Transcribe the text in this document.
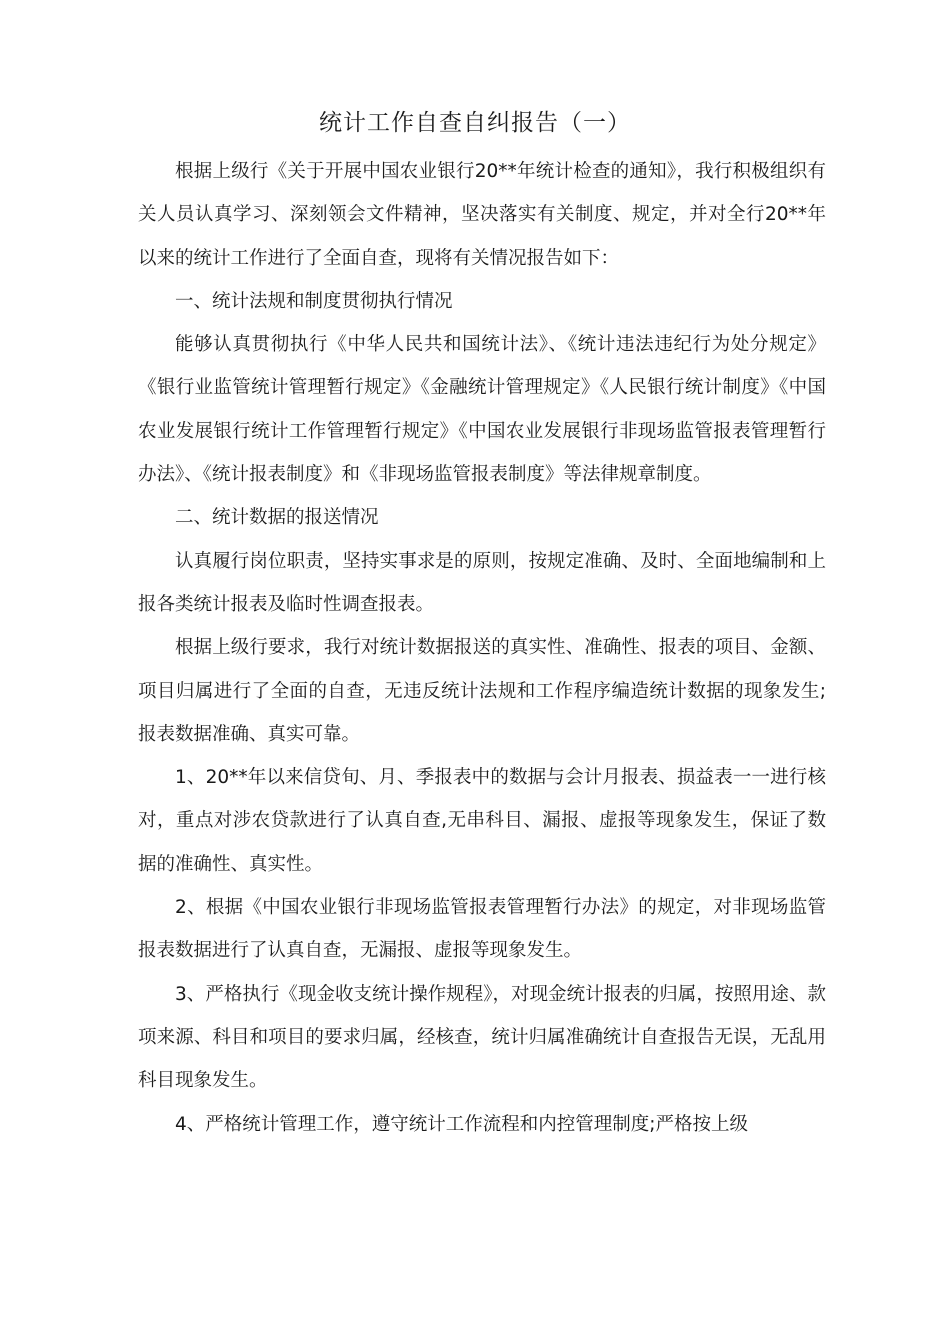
统计工作自查自纠报告（一）

根据上级行《关于开展中国农业银行20**年统计检查的通知》，我行积极组织有关人员认真学习、深刻领会文件精神，坚决落实有关制度、规定，并对全行20**年以来的统计工作进行了全面自查，现将有关情况报告如下：

一、统计法规和制度贯彻执行情况

能够认真贯彻执行《中华人民共和国统计法》、《统计违法违纪行为处分规定》《银行业监管统计管理暂行规定》《金融统计管理规定》《人民银行统计制度》《中国农业发展银行统计工作管理暂行规定》《中国农业发展银行非现场监管报表管理暂行办法》、《统计报表制度》和《非现场监管报表制度》等法律规章制度。

二、统计数据的报送情况

认真履行岗位职责，坚持实事求是的原则，按规定准确、及时、全面地编制和上报各类统计报表及临时性调查报表。

根据上级行要求，我行对统计数据报送的真实性、准确性、报表的项目、金额、项目归属进行了全面的自查，无违反统计法规和工作程序编造统计数据的现象发生;报表数据准确、真实可靠。

1、20**年以来信贷旬、月、季报表中的数据与会计月报表、损益表一一进行核对，重点对涉农贷款进行了认真自查,无串科目、漏报、虚报等现象发生，保证了数据的准确性、真实性。

2、根据《中国农业银行非现场监管报表管理暂行办法》的规定，对非现场监管报表数据进行了认真自查，无漏报、虚报等现象发生。

3、严格执行《现金收支统计操作规程》，对现金统计报表的归属，按照用途、款项来源、科目和项目的要求归属，经核查，统计归属准确统计自查报告无误，无乱用科目现象发生。

4、严格统计管理工作，遵守统计工作流程和内控管理制度;严格按上级
